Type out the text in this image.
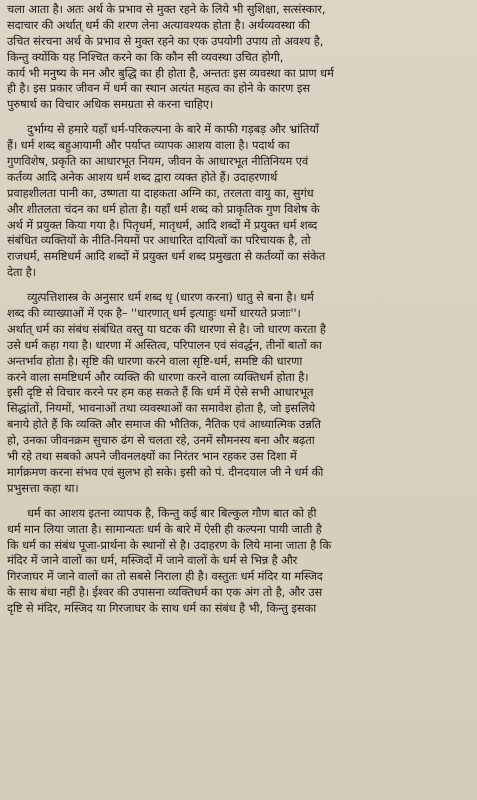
चला आता है। अतः अर्थ के प्रभाव से मुक्त रहने के लिये भी सुशिक्षा, सत्संस्कार,
सदाचार की अर्थात् धर्म की शरण लेना अत्यावश्यक होता है। अर्थव्यवस्था की
उचित संरचना अर्थ के प्रभाव से मुक्त रहने का एक उपयोगी उपाय तो अवश्य है,
किन्तु क्योंकि यह निश्चित करने का कि कौन सी व्यवस्था उचित होगी,
कार्य भी मनुष्य के मन और बुद्धि का ही होता है, अन्ततः इस व्यवस्था का प्राण धर्म
ही है। इस प्रकार जीवन में धर्म का स्थान अत्यंत महत्व का होने के कारण इस
पुरुषार्थ का विचार अधिक समग्रता से करना चाहिए।
दुर्भाग्य से हमारे यहाँ धर्म-परिकल्पना के बारे में काफी गड़बड़ और भ्रांतियाँ
हैं। धर्म शब्द बहुआयामी और पर्याप्त व्यापक आशय वाला है। पदार्थ का
गुणविशेष, प्रकृति का आधारभूत नियम, जीवन के आधारभूत नीतिनियम एवं
कर्तव्य आदि अनेक आशय धर्म शब्द द्वारा व्यक्त होते हैं। उदाहरणार्थ
प्रवाहशीलता पानी का, उष्णता या दाहकता अग्नि का, तरलता वायु का, सुगंध
और शीतलता चंदन का धर्म होता है। यहाँ धर्म शब्द को प्राकृतिक गुण विशेष के
अर्थ में प्रयुक्त किया गया है। पितृधर्म, मातृधर्म, आदि शब्दों में प्रयुक्त धर्म शब्द
संबंधित व्यक्तियों के नीति-नियमों पर आधारित दायित्वों का परिचायक है, तो
राजधर्म, समष्टिधर्म आदि शब्दों में प्रयुक्त धर्म शब्द प्रमुखता से कर्तव्यों का संकेत
देता है।
व्युत्पत्तिशास्त्र के अनुसार धर्म शब्द धृ (धारण करना) धातु से बना है। धर्म
शब्द की व्याख्याओं में एक है– ''धारणात् धर्म इत्याहुः धर्मो धारयते प्रजाः''।
अर्थात् धर्म का संबंध संबंधित वस्तु या घटक की धारणा से है। जो धारण करता है
उसे धर्म कहा गया है। धारणा में अस्तित्व, परिपालन एवं संवर्द्धन, तीनों बातों का
अन्तर्भाव होता है। सृष्टि की धारणा करने वाला सृष्टि-धर्म, समष्टि की धारणा
करने वाला समष्टिधर्म और व्यक्ति की धारणा करने वाला व्यक्तिधर्म होता है।
इसी दृष्टि से विचार करने पर हम कह सकते हैं कि धर्म में ऐसे सभी आधारभूत
सिद्धांतों, नियमों, भावनाओं तथा व्यवस्थाओं का समावेश होता है, जो इसलिये
बनाये होते हैं कि व्यक्ति और समाज की भौतिक, नैतिक एवं आध्यात्मिक उन्नति
हो, उनका जीवनक्रम सुचारु ढंग से चलता रहे, उनमें सौमनस्य बना और बढ़ता
भी रहे तथा सबको अपने जीवनलक्ष्यों का निरंतर भान रहकर उस दिशा में
मार्गक्रमण करना संभव एवं सुलभ हो सके। इसी को पं. दीनदयाल जी ने धर्म की
प्रभुसत्ता कहा था।
धर्म का आशय इतना व्यापक है, किन्तु कई बार बिल्कुल गौण बात को ही
धर्म मान लिया जाता है। सामान्यतः धर्म के बारे में ऐसी ही कल्पना पायी जाती है
कि धर्म का संबंध पूजा-प्रार्थना के स्थानों से है। उदाहरण के लिये माना जाता है कि
मंदिर में जाने वालों का धर्म, मस्जिदों में जाने वालों के धर्म से भिन्न है और
गिरजाघर में जाने वालों का तो सबसे निराला ही है। वस्तुतः धर्म मंदिर या मस्जिद
के साथ बंधा नहीं है। ईश्वर की उपासना व्यक्तिधर्म का एक अंग तो है, और उस
दृष्टि से मंदिर, मस्जिद या गिरजाघर के साथ धर्म का संबंध है भी, किन्तु इसका
